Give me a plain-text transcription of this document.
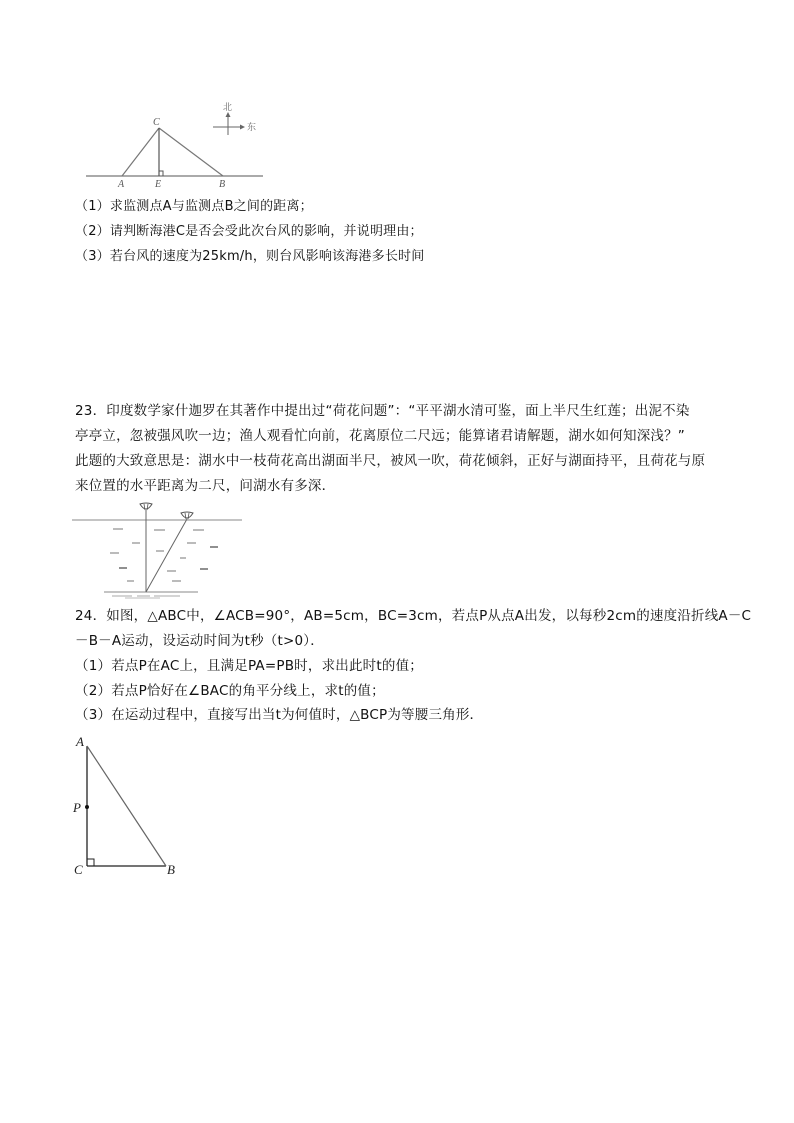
C
A	E	B
北
东
（1）求监测点A与监测点B之间的距离；
（2）请判断海港C是否会受此次台风的影响，并说明理由；
（3）若台风的速度为25km/h，则台风影响该海港多长时间
23．印度数学家什迦罗在其著作中提出过“荷花问题”：“平平湖水清可鉴，面上半尺生红莲；出泥不染
亭亭立，忽被强风吹一边；渔人观看忙向前，花离原位二尺远；能算诸君请解题，湖水如何知深浅？”
此题的大致意思是：湖水中一枝荷花高出湖面半尺，被风一吹，荷花倾斜，正好与湖面持平，且荷花与原
来位置的水平距离为二尺，问湖水有多深．
24．如图，△ABC中，∠ACB=90°，AB=5cm，BC=3cm，若点P从点A出发，以每秒2cm的速度沿折线A－C
－B－A运动，设运动时间为t秒（t>0）．
（1）若点P在AC上，且满足PA=PB时，求出此时t的值；
（2）若点P恰好在∠BAC的角平分线上，求t的值；
（3）在运动过程中，直接写出当t为何值时，△BCP为等腰三角形．
A
P
C	B
